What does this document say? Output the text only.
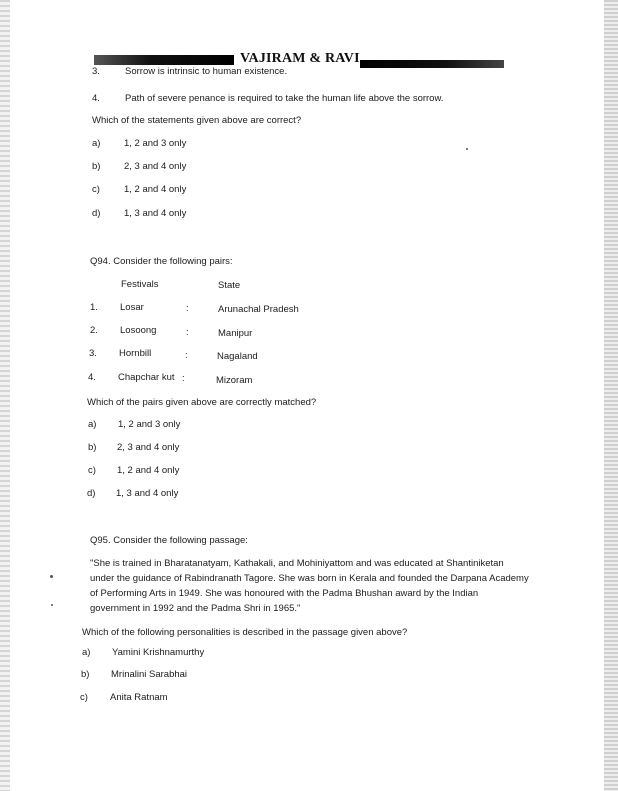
VAJIRAM & RAVI
3.	Sorrow is intrinsic to human existence.
4.	Path of severe penance is required to take the human life above the sorrow.
Which of the statements given above are correct?
a) 1, 2 and 3 only
b) 2, 3 and 4 only
c)	1, 2 and 4 only
d) 1, 3 and 4 only
Q94. Consider the following pairs:
Festivals	State
1. Losar	:	Arunachal Pradesh
2. Losoong	:	Manipur
3. Hornbill	:	Nagaland
4. Chapchar kut :	Mizoram
Which of the pairs given above are correctly matched?
a) 1, 2 and 3 only
b) 2, 3 and 4 only
c) 1, 2 and 4 only
d) 1, 3 and 4 only
Q95. Consider the following passage:
"She is trained in Bharatanatyam, Kathakali, and Mohiniyattom and was educated at Shantiniketan under the guidance of Rabindranath Tagore. She was born in Kerala and founded the Darpana Academy of Performing Arts in 1949. She was honoured with the Padma Bhushan award by the Indian government in 1992 and the Padma Shri in 1965."
Which of the following personalities is described in the passage given above?
a) Yamini Krishnamurthy
b) Mrinalini Sarabhai
c) Anita Ratnam
